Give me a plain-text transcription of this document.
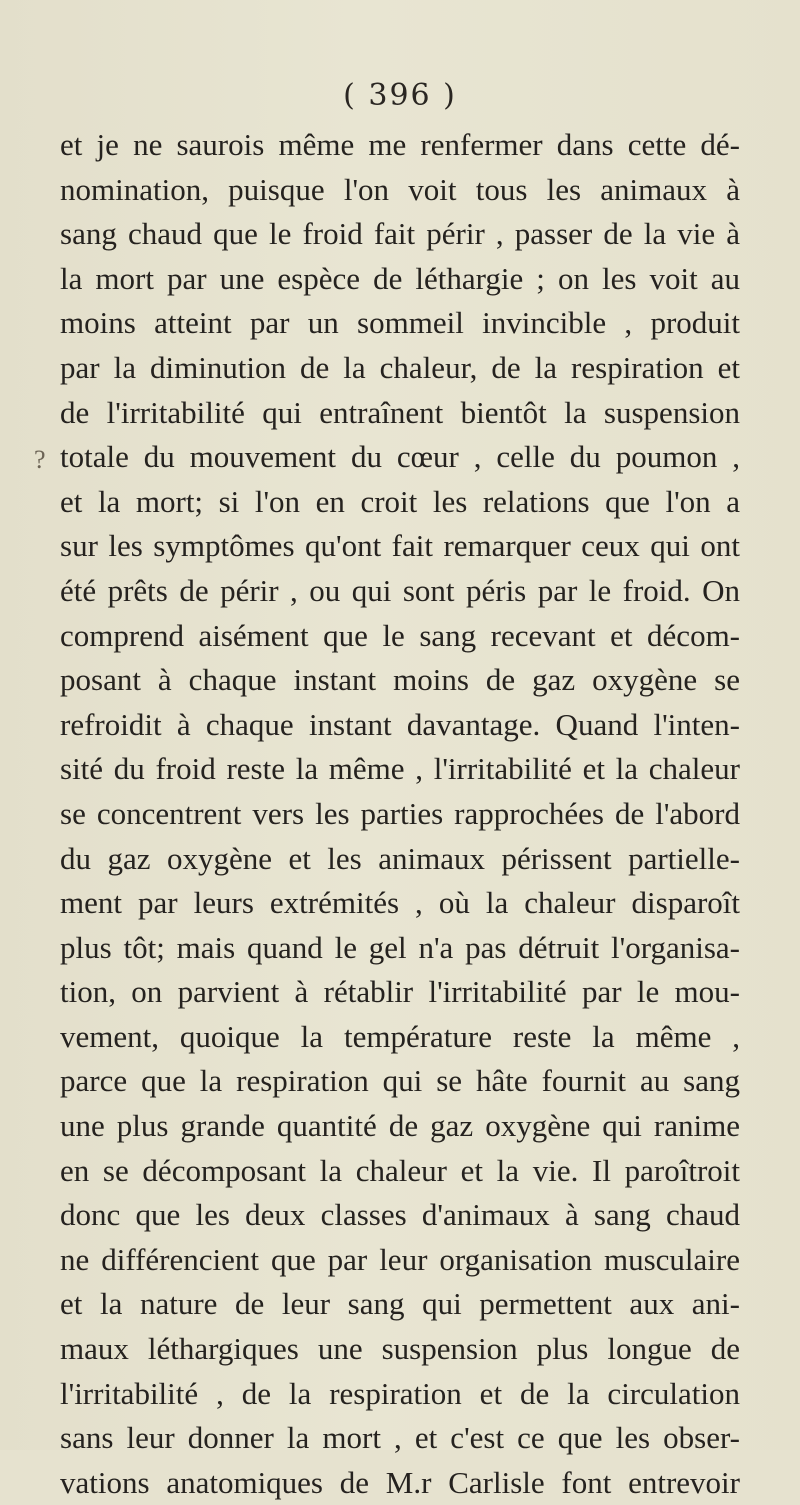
( 396 )
?
et je ne saurois même me renfermer dans cette dé-
nomination, puisque l'on voit tous les animaux à
sang chaud que le froid fait périr , passer de la vie à
la mort par une espèce de léthargie ; on les voit au
moins atteint par un sommeil invincible , produit
par la diminution de la chaleur, de la respiration et
de l'irritabilité qui entraînent bientôt la suspension
totale du mouvement du cœur , celle du poumon ,
et la mort; si l'on en croit les relations que l'on a
sur les symptômes qu'ont fait remarquer ceux qui ont
été prêts de périr , ou qui sont péris par le froid. On
comprend aisément que le sang recevant et décom-
posant à chaque instant moins de gaz oxygène se
refroidit à chaque instant davantage. Quand l'inten-
sité du froid reste la même , l'irritabilité et la chaleur
se concentrent vers les parties rapprochées de l'abord
du gaz oxygène et les animaux périssent partielle-
ment par leurs extrémités , où la chaleur disparoît
plus tôt; mais quand le gel n'a pas détruit l'organisa-
tion, on parvient à rétablir l'irritabilité par le mou-
vement, quoique la température reste la même ,
parce que la respiration qui se hâte fournit au sang
une plus grande quantité de gaz oxygène qui ranime
en se décomposant la chaleur et la vie. Il paroîtroit
donc que les deux classes d'animaux à sang chaud
ne différencient que par leur organisation musculaire
et la nature de leur sang qui permettent aux ani-
maux léthargiques une suspension plus longue de
l'irritabilité , de la respiration et de la circulation
sans leur donner la mort , et c'est ce que les obser-
vations anatomiques de M.r Carlisle font entrevoir
